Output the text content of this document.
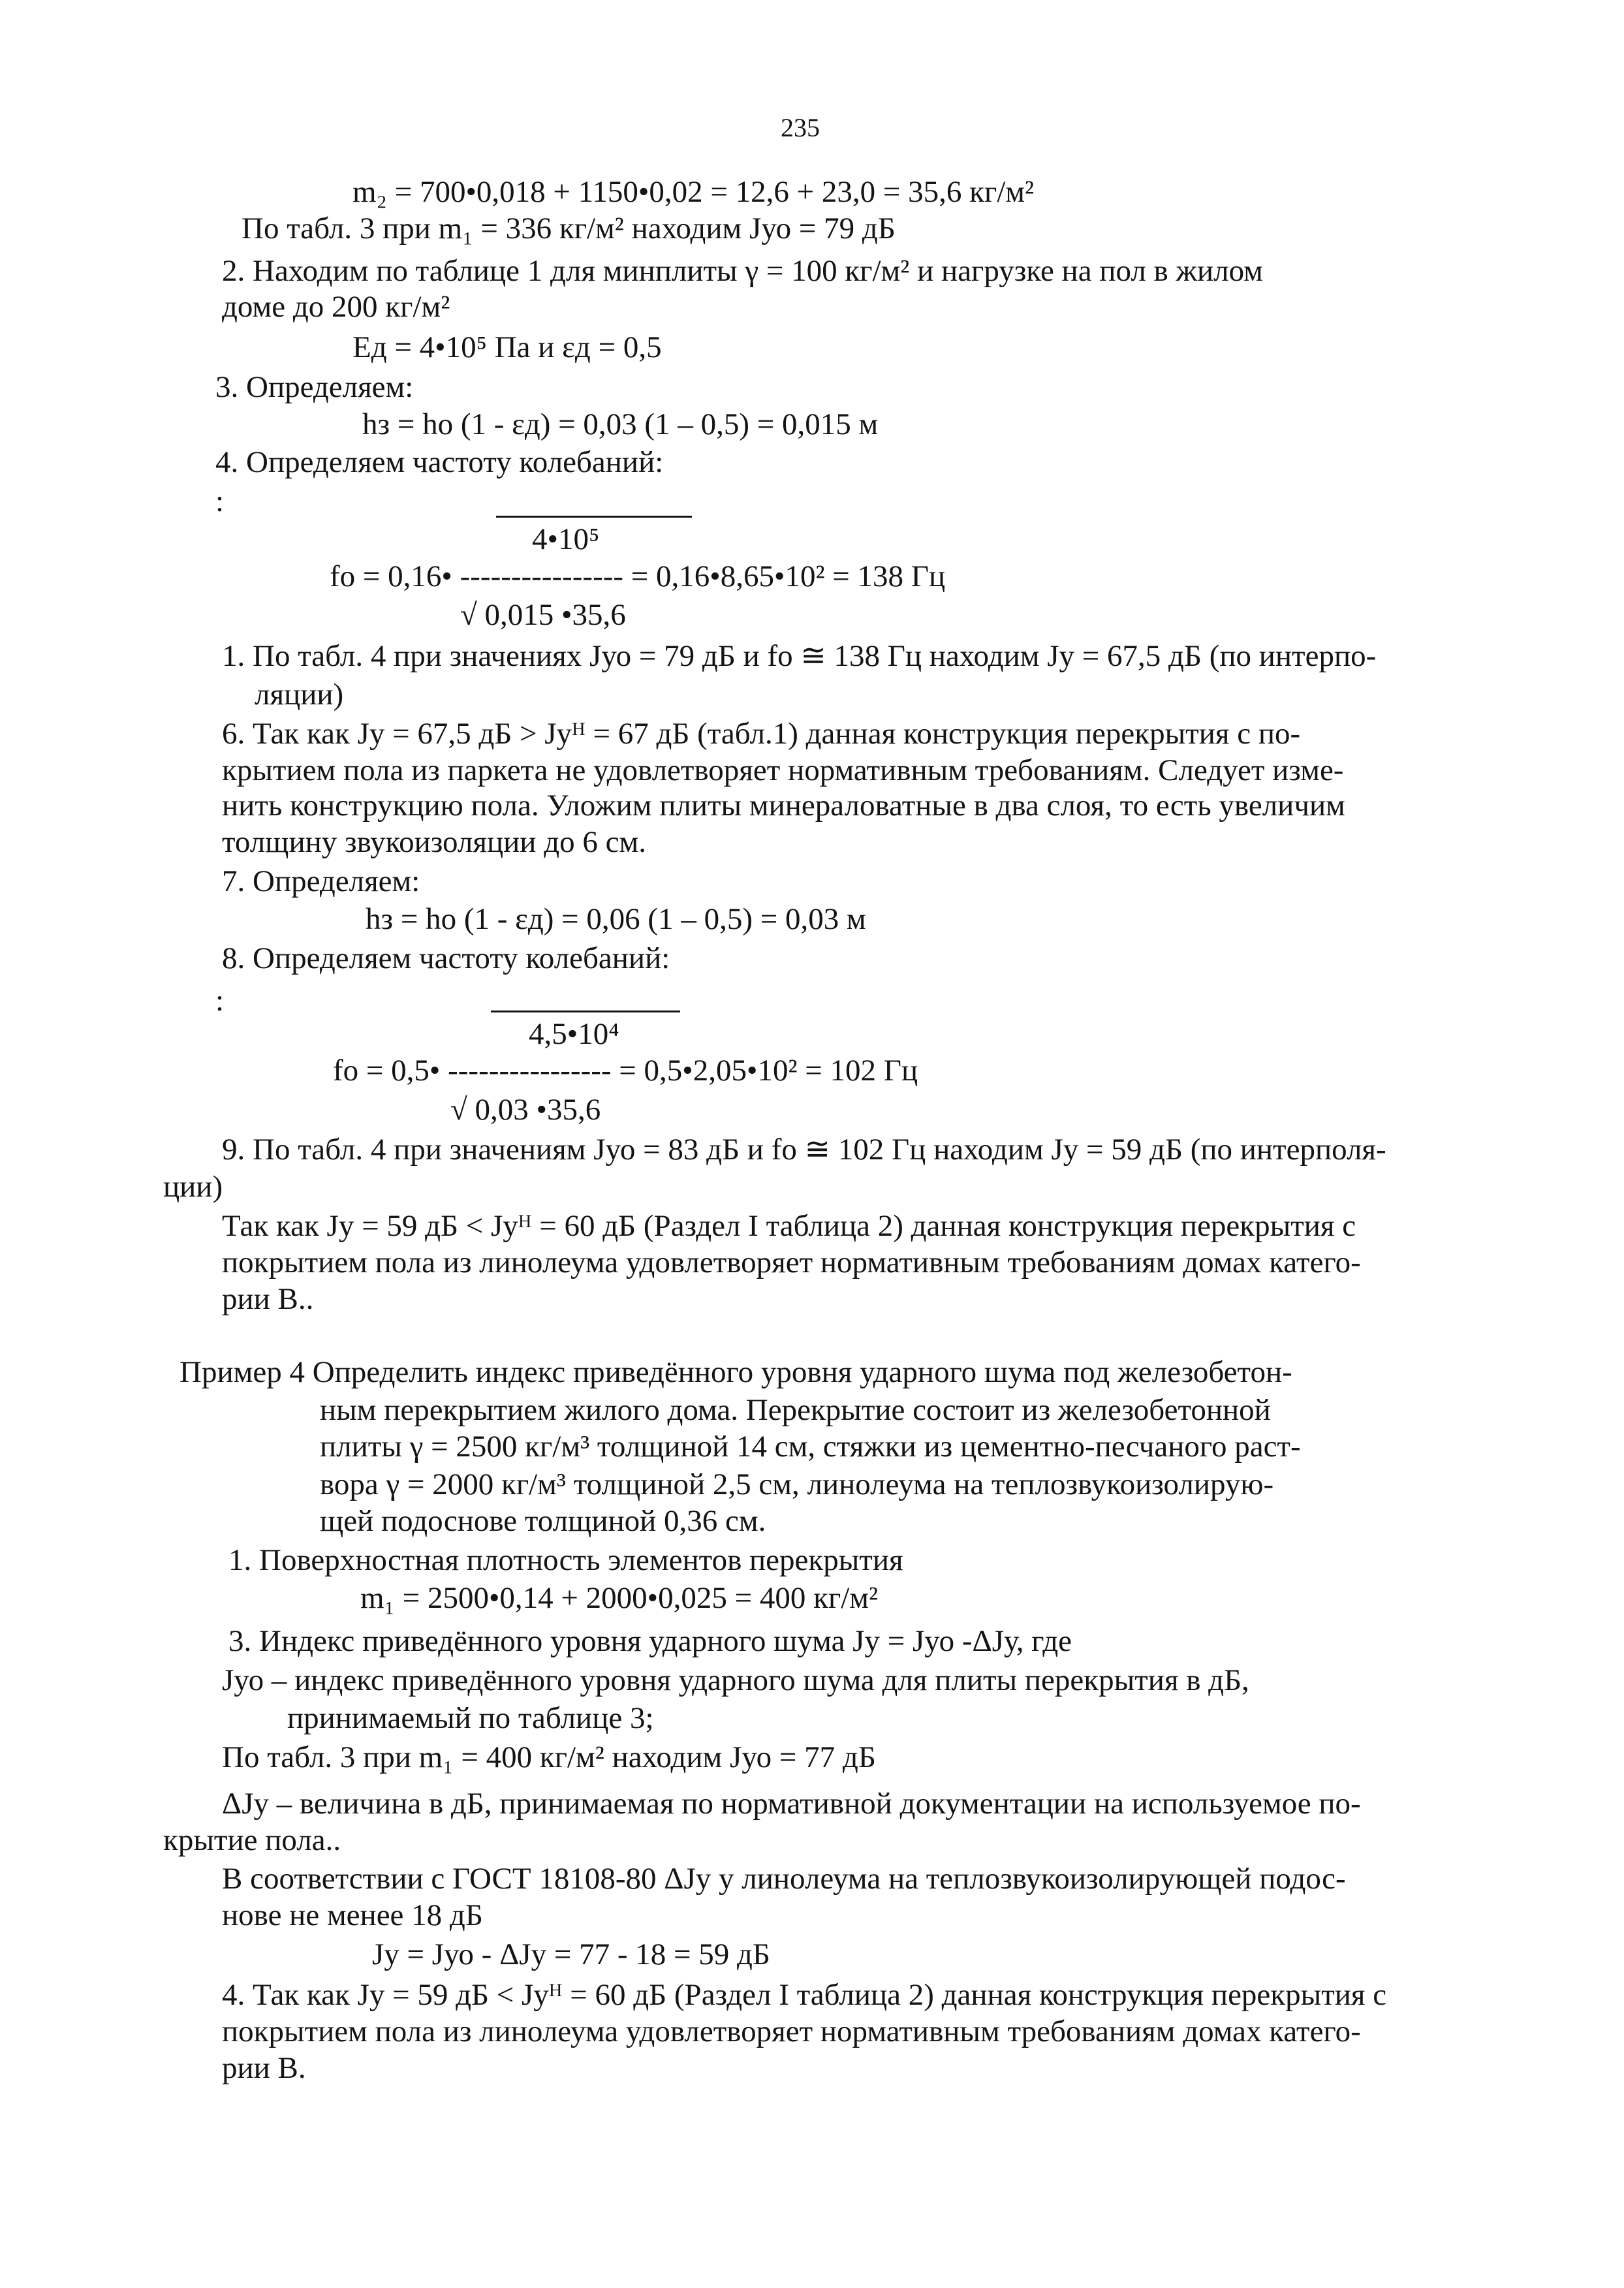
235
m₂ = 700•0,018 + 1150•0,02 = 12,6 + 23,0 = 35,6 кг/м²
По табл. 3 при m₁ = 336 кг/м² находим Jуо = 79 дБ
2. Находим по таблице 1 для минплиты γ = 100 кг/м² и нагрузке на пол в жилом
доме до 200 кг/м²
Ед = 4•10⁵ Па и εд = 0,5
3. Определяем:
hз = hо (1 - εд) = 0,03 (1 – 0,5) = 0,015 м
4. Определяем частоту колебаний:
:
4•10⁵
fо = 0,16• ---------------- = 0,16•8,65•10² = 138 Гц
√ 0,015 •35,6
1. По табл. 4 при значениях Jуо = 79 дБ и fо ≅ 138 Гц находим Jу = 67,5 дБ (по интерпо-
ляции)
6. Так как Jу = 67,5 дБ > Jуᴴ = 67 дБ (табл.1) данная конструкция перекрытия с по-
крытием пола из паркета не удовлетворяет нормативным требованиям. Следует изме-
нить конструкцию пола. Уложим плиты минераловатные в два слоя, то есть увеличим
толщину звукоизоляции до 6 см.
7. Определяем:
hз = hо (1 - εд) = 0,06 (1 – 0,5) = 0,03 м
8. Определяем частоту колебаний:
:
4,5•10⁴
fо = 0,5• ---------------- = 0,5•2,05•10² = 102 Гц
√ 0,03 •35,6
9. По табл. 4 при значениям Jуо = 83 дБ и fо ≅ 102 Гц находим Jу = 59 дБ (по интерполя-
ции)
Так как Jу = 59 дБ < Jуᴴ = 60 дБ (Раздел I таблица 2) данная конструкция перекрытия с
покрытием пола из линолеума удовлетворяет нормативным требованиям домах катего-
рии В..
Пример 4 Определить индекс приведённого уровня ударного шума под железобетон-
ным перекрытием жилого дома. Перекрытие состоит из железобетонной
плиты γ = 2500 кг/м³ толщиной 14 см, стяжки из цементно-песчаного раст-
вора γ = 2000 кг/м³ толщиной 2,5 см, линолеума на теплозвукоизолирую-
щей подоснове толщиной 0,36 см.
1. Поверхностная плотность элементов перекрытия
m₁ = 2500•0,14 + 2000•0,025 = 400 кг/м²
3. Индекс приведённого уровня ударного шума Jу = Jуо -ΔJу, где
Jуо – индекс приведённого уровня ударного шума для плиты перекрытия в дБ,
принимаемый по таблице 3;
По табл. 3 при m₁ = 400 кг/м² находим Jуо = 77 дБ
ΔJу – величина в дБ, принимаемая по нормативной документации на используемое по-
крытие пола..
В соответствии с ГОСТ 18108-80 ΔJу у линолеума на теплозвукоизолирующей подос-
нове не менее 18 дБ
Jу = Jуо - ΔJу = 77 - 18 = 59 дБ
4. Так как Jу = 59 дБ < Jуᴴ = 60 дБ (Раздел I таблица 2) данная конструкция перекрытия с
покрытием пола из линолеума удовлетворяет нормативным требованиям домах катего-
рии В.
